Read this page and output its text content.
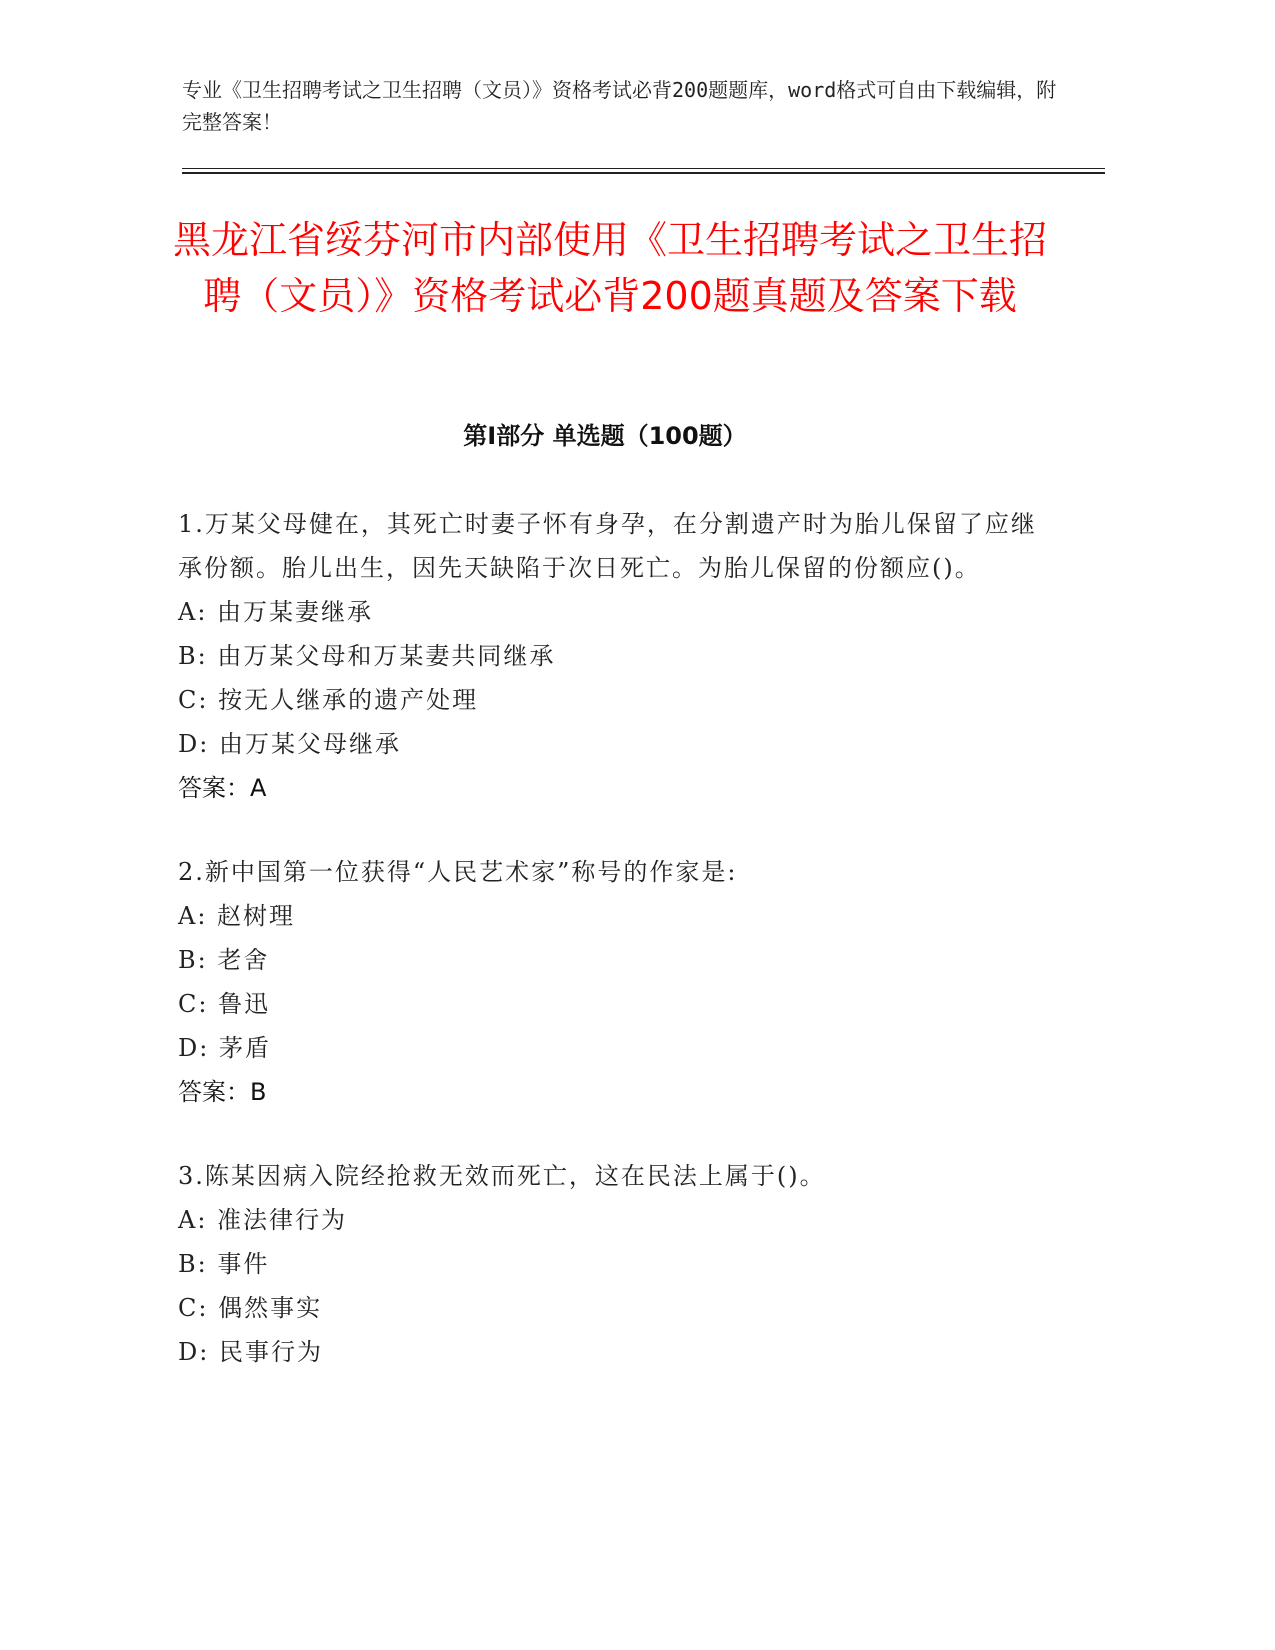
专业《卫生招聘考试之卫生招聘（文员）》资格考试必背200题题库，word格式可自由下载编辑，附完整答案！
黑龙江省绥芬河市内部使用《卫生招聘考试之卫生招聘（文员）》资格考试必背200题真题及答案下载
第Ⅰ部分 单选题（100题）
1.万某父母健在，其死亡时妻子怀有身孕，在分割遗产时为胎儿保留了应继承份额。胎儿出生，因先天缺陷于次日死亡。为胎儿保留的份额应()。
A: 由万某妻继承
B: 由万某父母和万某妻共同继承
C: 按无人继承的遗产处理
D: 由万某父母继承
答案：A
2.新中国第一位获得“人民艺术家”称号的作家是:
A: 赵树理
B: 老舍
C: 鲁迅
D: 茅盾
答案：B
3.陈某因病入院经抢救无效而死亡，这在民法上属于()。
A: 准法律行为
B: 事件
C: 偶然事实
D: 民事行为
